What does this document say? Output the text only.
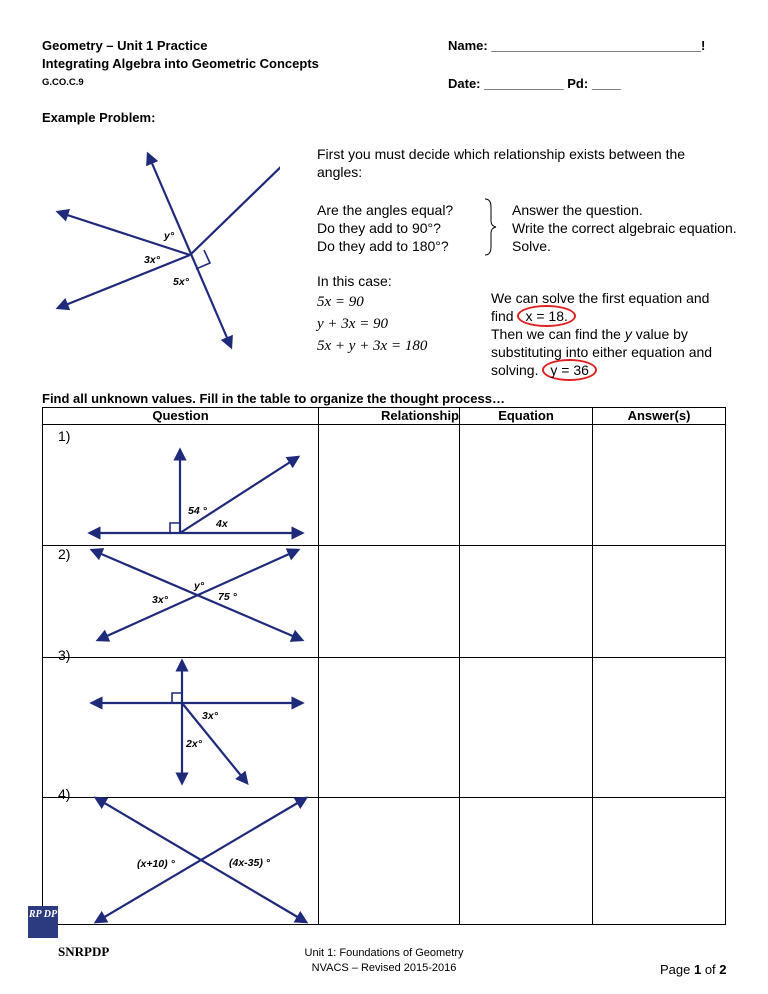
Geometry – Unit 1 Practice
Integrating Algebra into Geometric Concepts
G.CO.C.9
Name: _____________________________!
Date: ___________ Pd: ____
Example Problem:
y°
3x°
5x°
First you must decide which relationship exists between the angles:
Are the angles equal?
Do they add to 90°?
Do they add to 180°?
Answer the question.
Write the correct algebraic equation.
Solve.
In this case:
5x = 90
y + 3x = 90
5x + y + 3x = 180
We can solve the first equation and
find x = 18.
Then we can find the y value by
substituting into either equation and
solving. y = 36
Find all unknown values. Fill in the table to organize the thought process…
Question	Relationship	Equation	Answer(s)

1)
2)
3)
4)
54 °
4x
y°
3x°	75 °
3x°
2x°
(x+10) °	(4x-35) °
RP DP
SNRPDP	Unit 1: Foundations of Geometry
NVACS – Revised 2015-2016	Page 1 of 2
